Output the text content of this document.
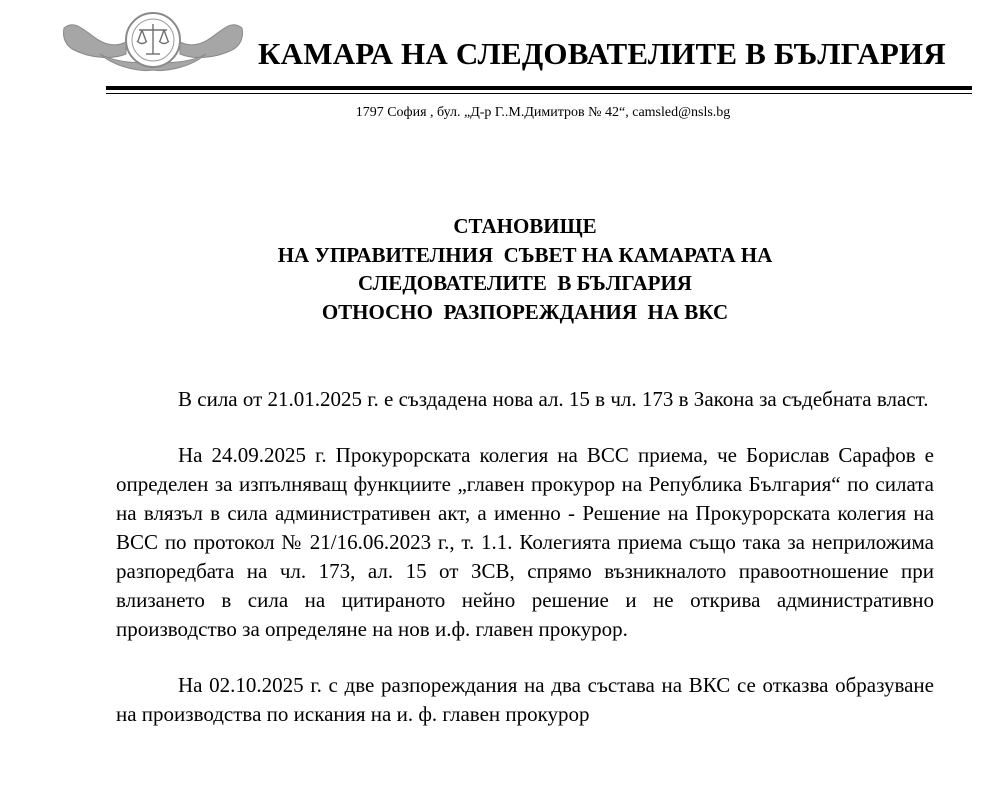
КАМАРА НА СЛЕДОВАТЕЛИТЕ В БЪЛГАРИЯ
1797 София , бул. „Д-р Г..М.Димитров № 42“, camsled@nsls.bg
СТАНОВИЩЕ
НА УПРАВИТЕЛНИЯ  СЪВЕТ НА КАМАРАТА НА
СЛЕДОВАТЕЛИТЕ  В БЪЛГАРИЯ
ОТНОСНО  РАЗПОРЕЖДАНИЯ  НА ВКС

В сила от 21.01.2025 г. е създадена нова ал. 15 в чл. 173 в Закона за съдебната власт.

На 24.09.2025 г. Прокурорската колегия на ВСС приема, че Борислав Сарафов е определен за изпълняващ функциите „главен прокурор на Република България“ по силата на влязъл в сила административен акт, а именно - Решение на Прокурорската колегия на ВСС по протокол № 21/16.06.2023 г., т. 1.1. Колегията приема също така за неприложима разпоредбата на чл. 173, ал. 15 от ЗСВ, спрямо възникналото правоотношение при влизането в сила на цитираното нейно решение и не открива административно производство за определяне на нов и.ф. главен прокурор.

На 02.10.2025 г. с две разпореждания на два състава на ВКС се отказва образуване на производства по искания на и. ф. главен прокурор
